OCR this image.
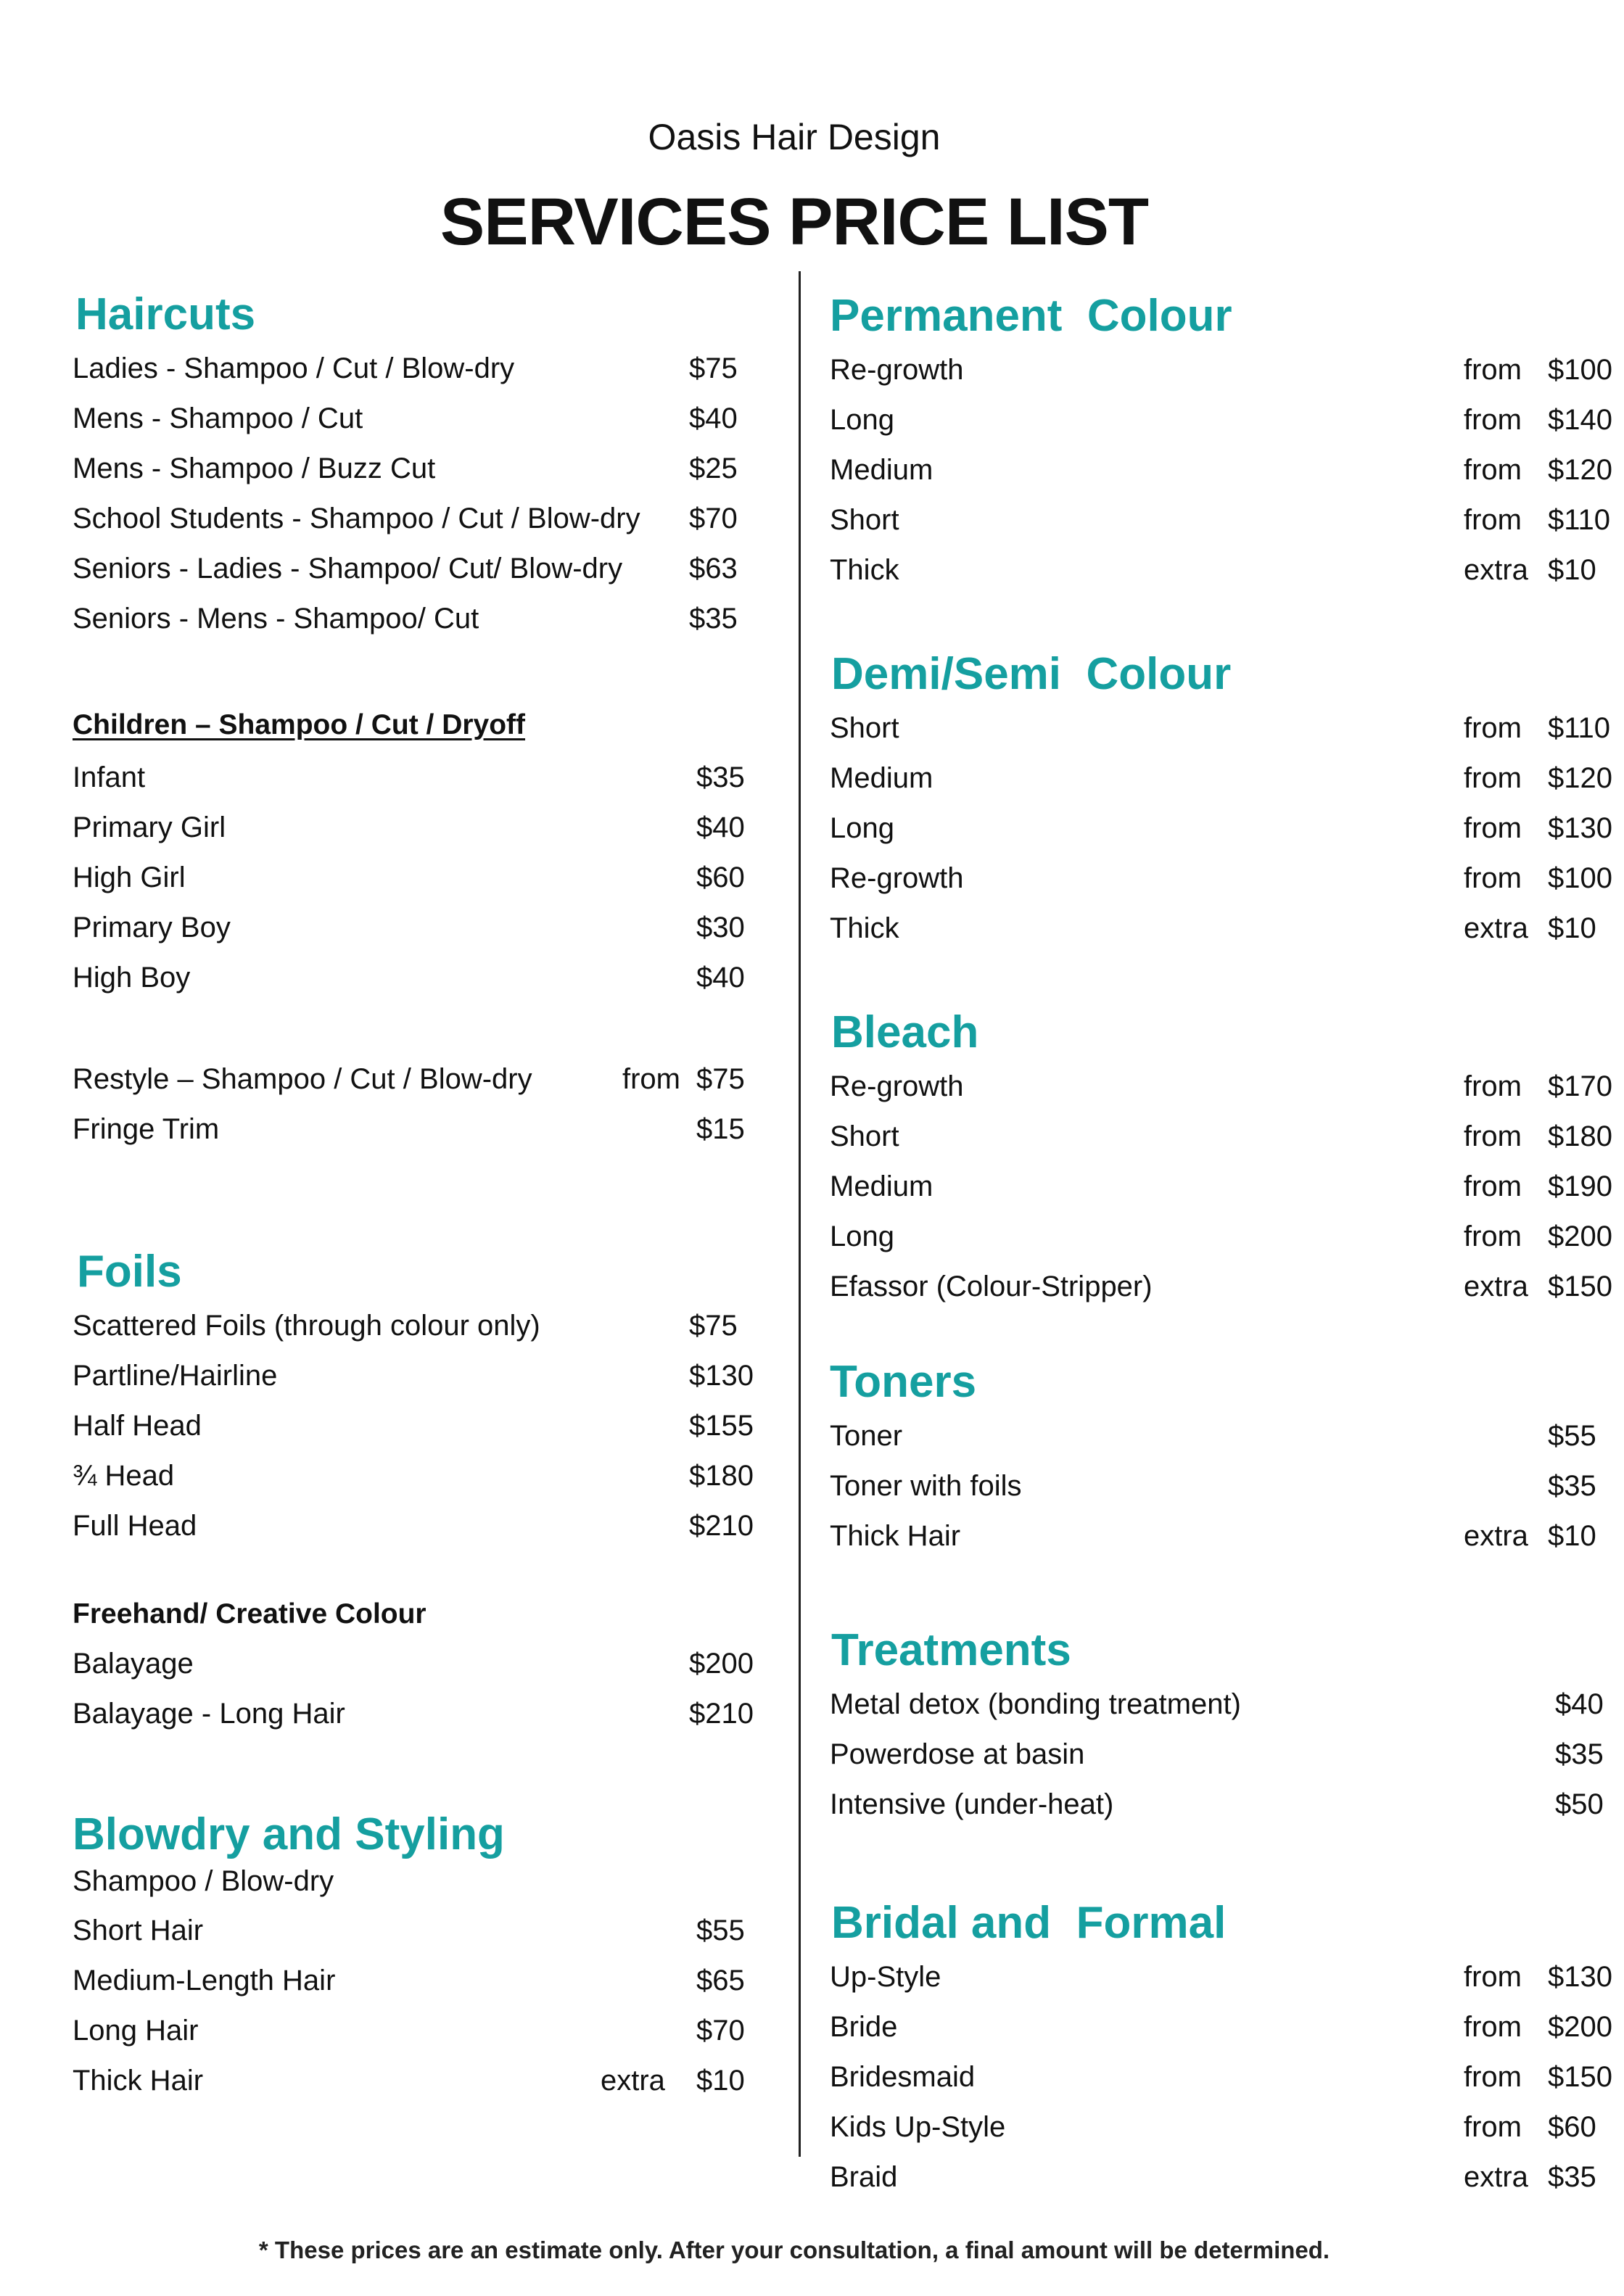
Oasis Hair Design
SERVICES PRICE LIST
Haircuts
Ladies - Shampoo / Cut / Blow-dry	$75
Mens - Shampoo / Cut	$40
Mens - Shampoo / Buzz Cut	$25
School Students - Shampoo / Cut / Blow-dry $70
Seniors - Ladies - Shampoo/ Cut/ Blow-dry $63
Seniors - Mens - Shampoo/ Cut	$35
Children – Shampoo / Cut / Dryoff
Infant	$35
Primary Girl	$40
High Girl	$60
Primary Boy	$30
High Boy	$40
Restyle – Shampoo / Cut / Blow-dry	from $75
Fringe Trim	$15
Foils
Scattered Foils (through colour only)	$75
Partline/Hairline	$130
Half Head	$155
¾ Head	$180
Full Head	$210
Freehand/ Creative Colour
Balayage	$200
Balayage - Long Hair	$210
Blowdry and Styling
Shampoo / Blow-dry
Short Hair	$55
Medium-Length Hair	$65
Long Hair	$70
Thick Hair	extra $10
Permanent  Colour
Re-growth	from $100
Long	from $140
Medium	from $120
Short	from $110
Thick	extra $10
Demi/Semi  Colour
Short	from $110
Medium	from $120
Long	from $130
Re-growth	from $100
Thick	extra $10
Bleach
Re-growth	from $170
Short	from $180
Medium	from $190
Long	from $200
Efassor (Colour-Stripper)	extra $150
Toners
Toner	$55
Toner with foils	$35
Thick Hair	extra $10
Treatments
Metal detox (bonding treatment)	$40
Powerdose at basin	$35
Intensive (under-heat)	$50
Bridal and  Formal
Up-Style	from $130
Bride	from $200
Bridesmaid	from $150
Kids Up-Style	from $60
Braid	extra $35
* These prices are an estimate only. After your consultation, a final amount will be determined.
